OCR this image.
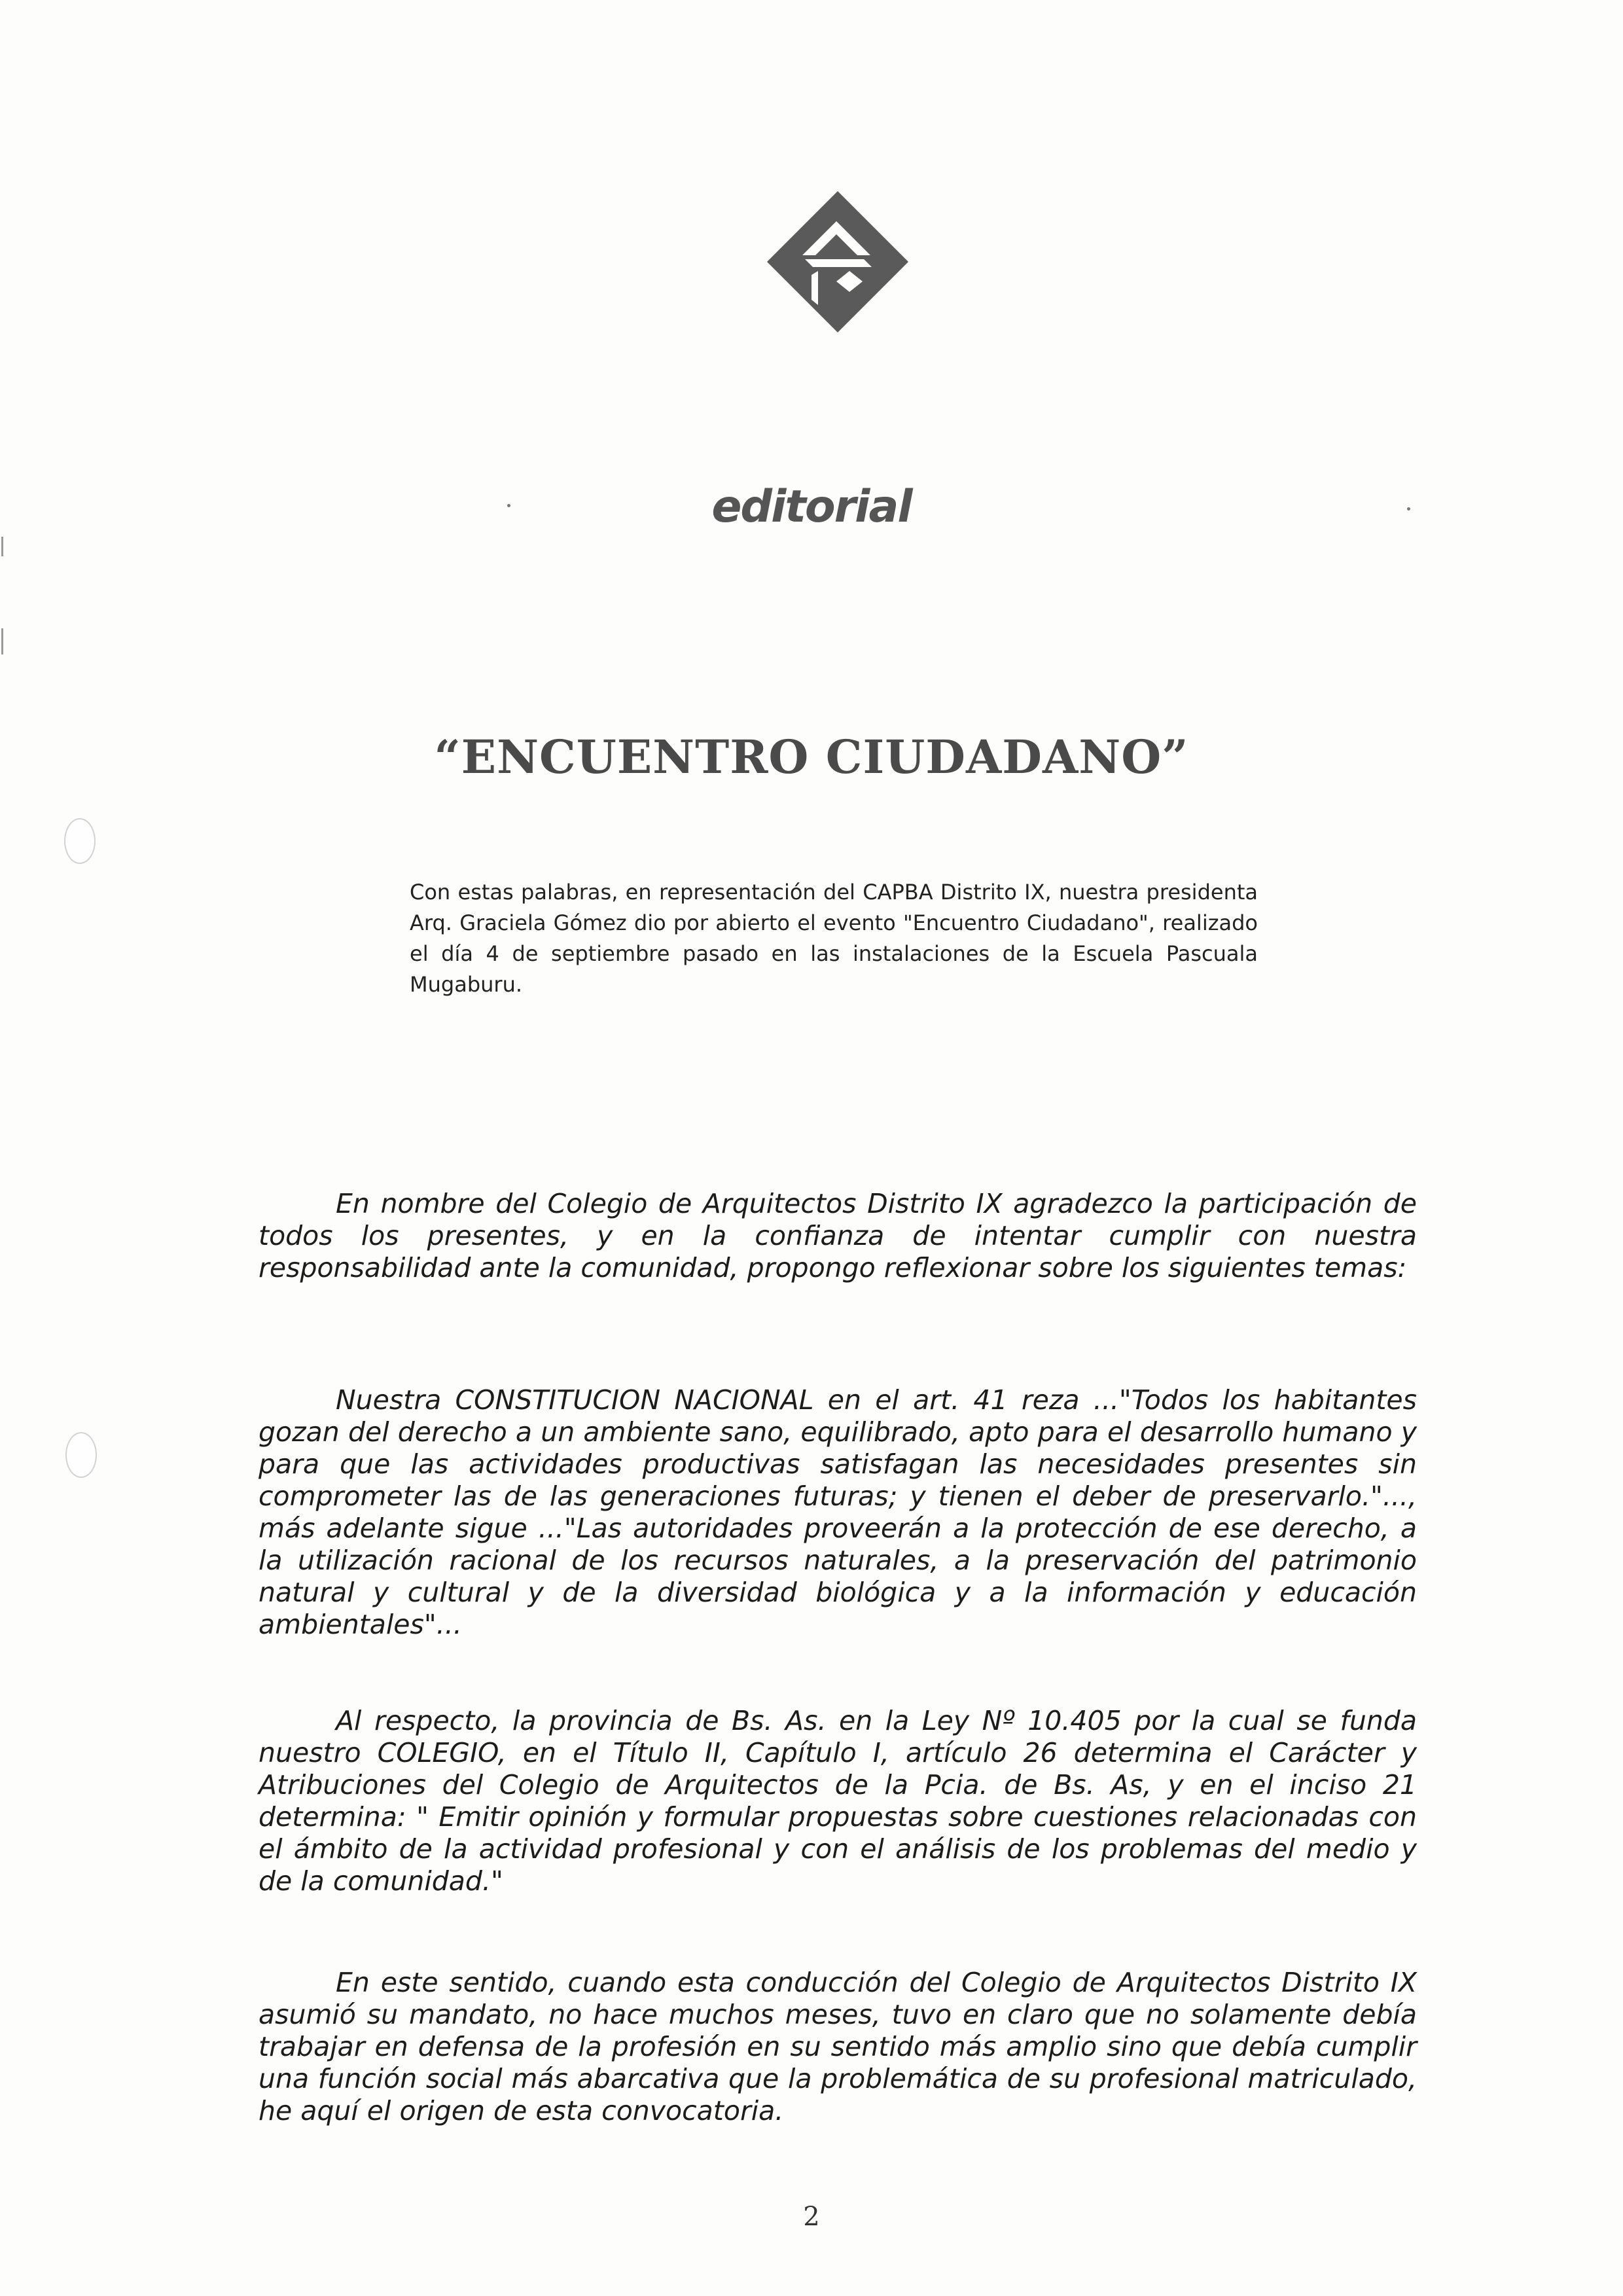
editorial
“ENCUENTRO CIUDADANO”

Con estas palabras, en representación del CAPBA Distrito IX, nuestra presidenta Arq. Graciela Gómez dio por abierto el evento "Encuentro Ciudadano", realizado el día 4 de septiembre pasado en las instalaciones de la Escuela Pascuala Mugaburu.

En nombre del Colegio de Arquitectos Distrito IX agradezco la participación de todos los presentes, y en la confianza de intentar cumplir con nuestra responsabilidad ante la comunidad, propongo reflexionar sobre los siguientes temas:

Nuestra CONSTITUCION NACIONAL en el art. 41 reza ..."Todos los habitantes gozan del derecho a un ambiente sano, equilibrado, apto para el desarrollo humano y para que las actividades productivas satisfagan las necesidades presentes sin comprometer las de las generaciones futuras; y tienen el deber de preservarlo."..., más adelante sigue ..."Las autoridades proveerán a la protección de ese derecho, a la utilización racional de los recursos naturales, a la preservación del patrimonio natural y cultural y de la diversidad biológica y a la información y educación ambientales"...

Al respecto, la provincia de Bs. As. en la Ley Nº 10.405 por la cual se funda nuestro COLEGIO, en el Título II, Capítulo I, artículo 26 determina el Carácter y Atribuciones del Colegio de Arquitectos de la Pcia. de Bs. As, y en el inciso 21 determina: " Emitir opinión y formular propuestas sobre cuestiones relacionadas con el ámbito de la actividad profesional y con el análisis de los problemas del medio y de la comunidad."

En este sentido, cuando esta conducción del Colegio de Arquitectos Distrito IX asumió su mandato, no hace muchos meses, tuvo en claro que no solamente debía trabajar en defensa de la profesión en su sentido más amplio sino que debía cumplir una función social más abarcativa que la problemática de su profesional matriculado, he aquí el origen de esta convocatoria.

2
